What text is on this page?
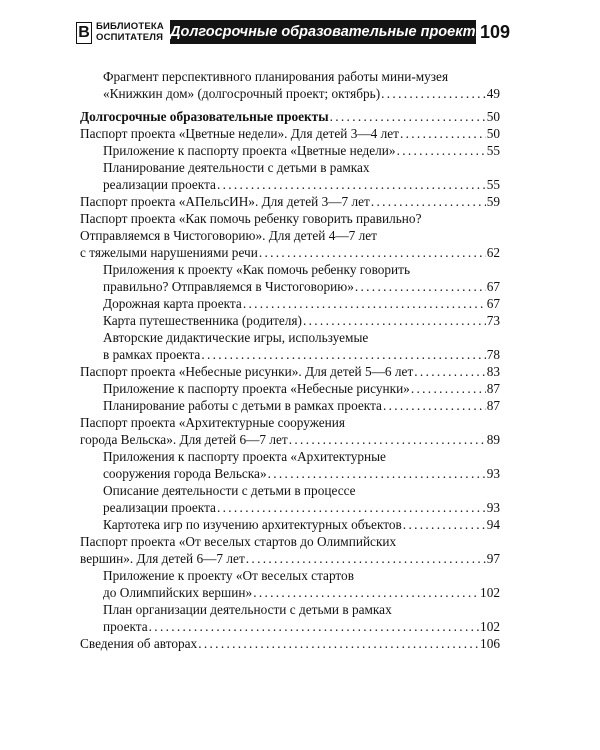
В БИБЛИОТЕКА
ОСПИТАТЕЛЯ Долгосрочные образовательные проекты
109
Фрагмент перспективного планирования работы мини-музея
«Книжкин дом» (долгосрочный проект; октябрь) . . .	49
Долгосрочные образовательные проекты . . .	50
Паспорт проекта «Цветные недели». Для детей 3—4 лет . . .	50
Приложение к паспорту проекта «Цветные недели» . . .	55
Планирование деятельности с детьми в рамках
реализации проекта . . .	55
Паспорт проекта «АПельсИН». Для детей 3—7 лет . . .	59
Паспорт проекта «Как помочь ребенку говорить правильно?
Отправляемся в Чистоговорию». Для детей 4—7 лет
с тяжелыми нарушениями речи . . .	62
Приложения к проекту «Как помочь ребенку говорить
правильно? Отправляемся в Чистоговорию» . . .	67
Дорожная карта проекта . . .	67
Карта путешественника (родителя) . . .	73
Авторские дидактические игры, используемые
в рамках проекта . . .	78
Паспорт проекта «Небесные рисунки». Для детей 5—6 лет . . .	83
Приложение к паспорту проекта «Небесные рисунки» . . .	87
Планирование работы с детьми в рамках проекта . . .	87
Паспорт проекта «Архитектурные сооружения
города Вельска». Для детей 6—7 лет . . .	89
Приложения к паспорту проекта «Архитектурные
сооружения города Вельска» . . .	93
Описание деятельности с детьми в процессе
реализации проекта . . .	93
Картотека игр по изучению архитектурных объектов . . .	94
Паспорт проекта «От веселых стартов до Олимпийских
вершин». Для детей 6—7 лет . . .	97
Приложение к проекту «От веселых стартов
до Олимпийских вершин» . . .	102
План организации деятельности с детьми в рамках
проекта . . .	102
Сведения об авторах . . .	106
